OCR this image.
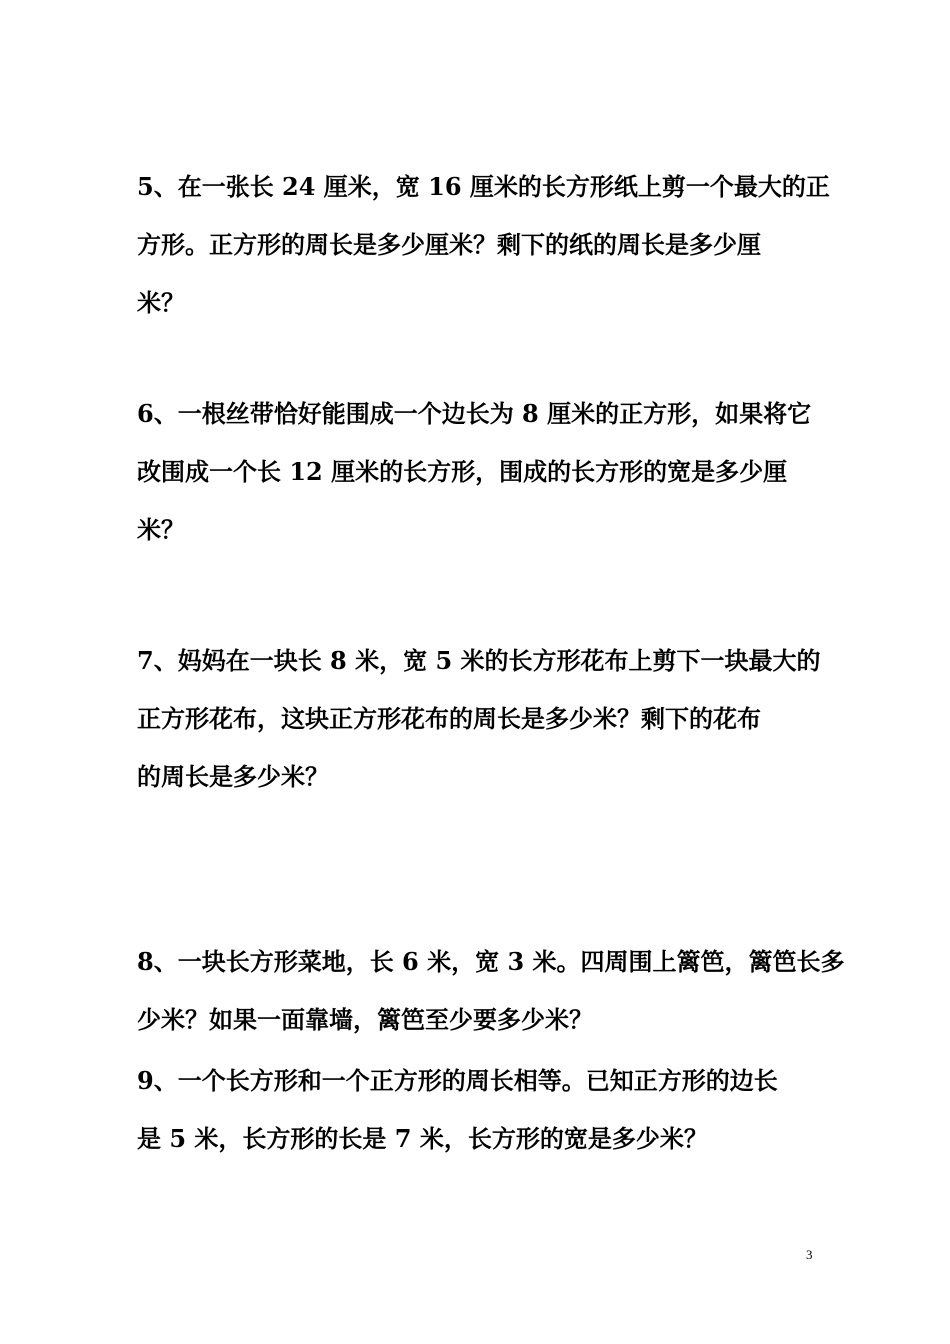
5、在一张长 24 厘米，宽 16 厘米的长方形纸上剪一个最大的正
方形。正方形的周长是多少厘米？剩下的纸的周长是多少厘
米？
6、一根丝带恰好能围成一个边长为 8 厘米的正方形，如果将它
改围成一个长 12 厘米的长方形，围成的长方形的宽是多少厘
米？
7、妈妈在一块长 8 米，宽 5 米的长方形花布上剪下一块最大的
正方形花布，这块正方形花布的周长是多少米？剩下的花布
的周长是多少米？
8、一块长方形菜地，长 6 米，宽 3 米。四周围上篱笆，篱笆长多
少米？如果一面靠墙，篱笆至少要多少米？
9、一个长方形和一个正方形的周长相等。已知正方形的边长
是 5 米，长方形的长是 7 米，长方形的宽是多少米？
3
